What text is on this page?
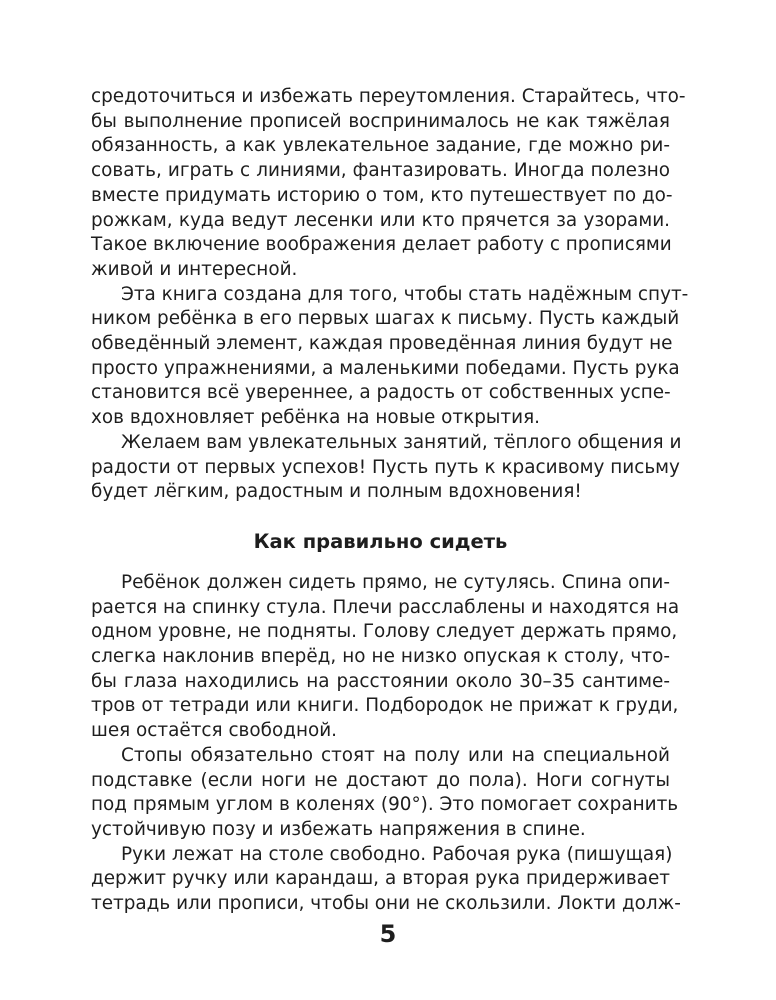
средоточиться и избежать переутомления. Старайтесь, что-
бы выполнение прописей воспринималось не как тяжёлая
обязанность, а как увлекательное задание, где можно ри-
совать, играть с линиями, фантазировать. Иногда полезно
вместе придумать историю о том, кто путешествует по до-
рожкам, куда ведут лесенки или кто прячется за узорами.
Такое включение воображения делает работу с прописями
живой и интересной.

Эта книга создана для того, чтобы стать надёжным спут-
ником ребёнка в его первых шагах к письму. Пусть каждый
обведённый элемент, каждая проведённая линия будут не
просто упражнениями, а маленькими победами. Пусть рука
становится всё увереннее, а радость от собственных успе-
хов вдохновляет ребёнка на новые открытия.

Желаем вам увлекательных занятий, тёплого общения и
радости от первых успехов! Пусть путь к красивому письму
будет лёгким, радостным и полным вдохновения!

Как правильно сидеть

Ребёнок должен сидеть прямо, не сутулясь. Спина опи-
рается на спинку стула. Плечи расслаблены и находятся на
одном уровне, не подняты. Голову следует держать прямо,
слегка наклонив вперёд, но не низко опуская к столу, что-
бы глаза находились на расстоянии около 30–35 сантиме-
тров от тетради или книги. Подбородок не прижат к груди,
шея остаётся свободной.

Стопы обязательно стоят на полу или на специальной
подставке (если ноги не достают до пола). Ноги согнуты
под прямым углом в коленях (90°). Это помогает сохранить
устойчивую позу и избежать напряжения в спине.

Руки лежат на столе свободно. Рабочая рука (пишущая)
держит ручку или карандаш, а вторая рука придерживает
тетрадь или прописи, чтобы они не скользили. Локти долж-

5
